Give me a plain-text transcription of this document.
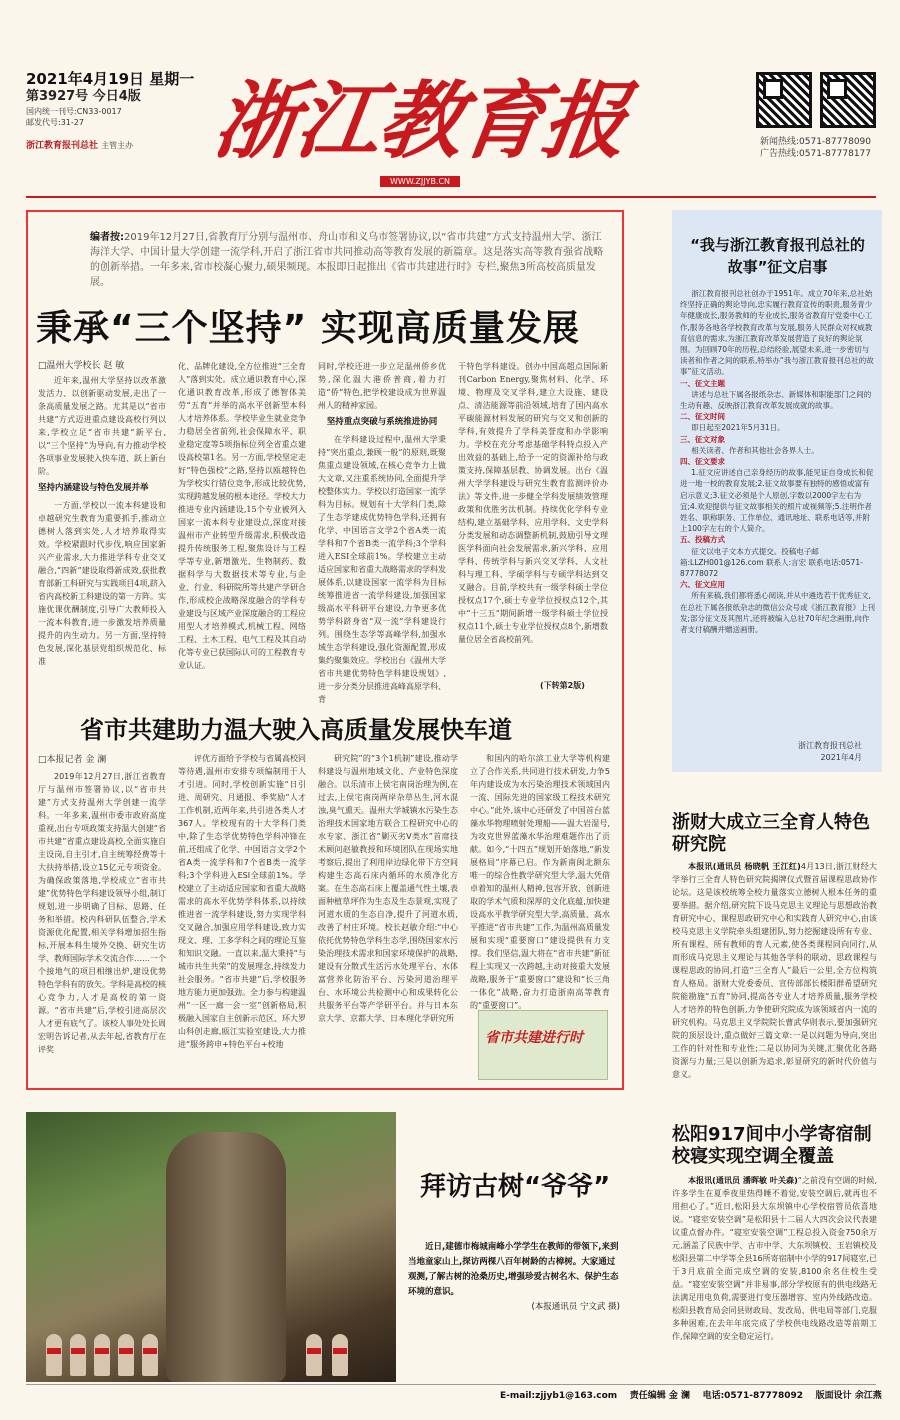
2021年4月19日 星期一
第3927号 今日4版
国内统一刊号:CN33-0017
邮发代号:31-27
浙江教育报刊总社 主管主办 浙江教育报
WWW.ZJJYB.CN
新闻热线:0571-87778090
广告热线:0571-87778177
编者按:2019年12月27日,省教育厅分别与温州市、舟山市和义乌市签署协议,以“省市共建”方式支持温州大学、浙江海洋大学、中国计量大学创建一流学科,开启了浙江省市共同推动高等教育发展的新篇章。这是落实高等教育强省战略的创新举措。一年多来,省市校凝心聚力,硕果频现。本报即日起推出《省市共建进行时》专栏,聚焦3所高校高质量发展。
秉承“三个坚持” 实现高质量发展
□温州大学校长 赵 敏
近年来,温州大学坚持以改革激发活力、以创新驱动发展,走出了一条高质量发展之路。尤其是以“省市共建”方式迈进重点建设高校行列以来,学校立足“省市共建”新平台,以“三个坚持”为导向,有力推动学校各项事业发展驶入快车道、跃上新台阶。
坚持内涵建设与特色发展并举
一方面,学校以一流本科建设和卓越研究生教育为重要抓手,推动立德树人落到实处,人才培养取得实效。学校紧跟时代步伐,响应国家新兴产业需求,大力推进学科专业交叉融合,“四新”建设取得新成效,获批教育部新工科研究与实践项目4项,跻入省内高校新工科建设的第一方阵。实施优课优酬制度,引导广大教师投入一流本科教育,进一步激发培养质量提升的内生动力。另一方面,坚持特色发展,深化基层党组织规范化、标准
化、品牌化建设,全方位推进“三全育人”落到实处。成立通识教育中心,深化通识教育改革,形成了德智体美劳“五育”并举的高水平创新型本科人才培养体系。学校毕业生就业竞争力稳居全省前列,社会保障水平、职业稳定度等5项指标位列全省重点建设高校第1名。另一方面,学校坚定走好“特色强校”之路,坚持以瓯越特色为学校实行错位竞争,形成比较优势,实现跨越发展的根本途径。学校大力推进专业内涵建设,15个专业被列入国家一流本科专业建设点,深度对接温州市产业转型升级需求,积极改造提升传统服务工程,聚焦设计与工程学等专业,新增激光、生物制药、数据科学与大数据技术等专业,与企业、行业、科研院所等共建产学研合作,形成校企战略深度融合的学科专业建设与区域产业深度融合的工程应用型人才培养模式,机械工程、网络工程、土木工程、电气工程及其自动化等专业已获国际认可的工程教育专业认证。
同时,学校还进一步立足温州侨乡优势,深化温大港侨普商,着力打造“侨”特色,把学校建设成为世界温州人的精神家园。
坚持重点突破与系统推进协同
在学科建设过程中,温州大学秉持“突出重点,兼顾一般”的原则,既聚焦重点建设领域,在核心竞争力上做大文章,又注重系统协同,全面提升学校整体实力。学校以打造国家一流学科为目标。规划有十大学科门类,除了生态学建成优势特色学科,还拥有化学、中国语言文学2个省A类一流学科和7个省B类一流学科;3个学科进入ESI全球前1%。学校建立主动适应国家和省重大战略需求的学科发展体系,以建设国家一流学科为目标统筹推进省一流学科建设,加强国家级高水平科研平台建设,力争更多优势学科跻身省“双一流”学科建设行列。围绕生态学等高峰学科,加强水域生态学科建设,强化资源配置,形成集约聚集效应。学校出台《温州大学省市共建优势特色学科建设规划》,进一步分类分层推进高峰高原学科、背
干特色学科建设。创办中国高超点国际新刊Carbon Energy,聚焦材料、化学、环境、物理及交叉学科,建立大设施、建设点、清洁能源等前沿领域,培育了国内高水平碳能源材料发展的研究与交叉和创新的学科,有效提升了学科美誉度和办学影响力。学校在充分考虑基础学科特点投入产出效益的基础上,给予一定的资源补给与政策支持,保障基层教、协调发展。出台《温州大学学科建设与研究生教育监测评价办法》等文件,进一步健全学科发展绩效管理政策和优胜劣汰机制。持续优化学科专业结构,建立基础学科、应用学科、文史学科分类发展和动态调整新机制,鼓励引导文理医学科面向社会发展需求,新兴学科、应用学科、传统学科与新兴交叉学科、人文社科与理工科、学硕学科与专硕学科达到交叉融合。目前,学校共有一级学科硕士学位授权点17个,硕士专业学位授权点12个,其中“十三五”期间新增一级学科硕士学位授权点11个,硕士专业学位授权点8个,新增数量位居全省高校前列。
(下转第2版)
省市共建助力温大驶入高质量发展快车道
□本报记者 金 澜

2019年12月27日,浙江省教育厅与温州市签署协议,以“省市共建”方式支持温州大学创建一流学科。一年多来,温州市委市政府高度重视,出台专项政策支持温大创建“省市共建”省重点建设高校,全面实施自主设岗,自主引才,自主统筹经费等十大扶持举措,设立15亿元专项资金。为确保政策落地,学校成立“省市共建”优势特色学科建设领导小组,制订规划,进一步明确了目标、思路、任务和举措。校内科研队伍整合,学术资源优化配置,相关学科增加招生指标,开展本科生境外交换、研究生访学、教师国际学术交流合作……一个个接地气的项目相继出炉,建设优势特色学科有的放矢。学科是高校的核心竞争力,人才是高校的第一资源。“省市共建”后,学校引进高层次人才更有底气了。该校人事处处长周宏明告诉记者,从去年起,省教育厅在评奖

评优方面给予学校与省属高校同等待遇,温州市安排专项编制用于人才引进。同时,学校创新实施“日引进、周研究、月通报、季奖励”人才工作机制,近两年来,共引进各类人才367人。学校现有的十大学科门类中,除了生态学优势特色学科冲锋在前,还组成了化学、中国语言文学2个省A类一流学科和7个省B类一流学科;3个学科进入ESI全球前1%。学校建立了主动适应国家和省重大战略需求的高水平优势学科体系,以持续推进省一流学科建设,努力实现学科交叉融合,加强应用学科建设,致力实现文、理、工多学科之间的理论互鉴和知识交融。一直以来,温大秉持“与城市共生共荣”的发展理念,持续发力社会服务。“省市共建”后,学校服务地方能力更加强劲。全力参与构建温州“一区一廊一会一室”创新格局,积极融入国家自主创新示范区、环大罗山科创走廊,瓯江实验室建设,大力推进“服务跨申+特色平台+校地

研究院”的“3个1机制”建设,推动学科建设与温州地域文化、产业特色深度融合。以乐清市上侯宅南岗治理为例,在过去,上侯宅南岗两岸杂草丛生,河水混浊,臭气熏天。温州大学城镇水污染生态治理技术国家地方联合工程研究中心的水专家、浙江省“剿灭劣Ⅴ类水”首席技术顾问赵敏教授和环境团队在现场实地考察后,提出了利用岸边绿化带下方空间构建生态高石床内循环的水质净化方案。在生态高石床上覆盖通气性土壤,表面种植草坪作为生态及生态景观,实现了河道水质的生态自净,提升了河道水质,改善了村庄环境。校长赵敏介绍:“中心依托优势特色学科生态学,围绕国家水污染治理技术需求和国家环境保护的战略,建设有分散式生活污水处理平台、水体富营养化防治平台、污染河道治理平台、水环境公共检测中心和成果转化公共服务平台等产学研平台。并与日本东京大学、京都大学、日本理化学研究所

和国内的哈尔滨工业大学等机构建立了合作关系,共同进行技术研发,力争5年内建设成为水污染治理技术领域国内一流、国际先进的国家级工程技术研究中心。”此外,该中心还研发了中国首台蓝藻水华物理喷射处理船——温大岩湿号,为攻克世界蓝藻水华治理难题作出了贡献。如今,“十四五”规划开始落地,“新发展格局”序幕已启。作为新南闽北额东唯一的综合性教学研究型大学,温大凭借卓着知的温州人精神,包容开放、创新进取的学术气质和深厚的文化底蕴,加快建设高水平教学研究型大学,高质量、高水平推进“省市共建”工作,为温州高质量发展和实现“重要窗口”建设提供有力支撑。我们坚信,温大将在“省市共建”新征程上实现又一次跨越,主动对接重大发展战略,服务于“重要窗口”建设和“长三角一体化”战略,奋力打造浙南高等教育的“重要窗口”。

省市共建进行时
拜访古树“爷爷”
近日,建德市梅城南峰小学学生在教师的带领下,来到当地童家山上,探访两棵八百年树龄的古樟树。大家通过观测,了解古树的沧桑历史,增强珍爱古树名木、保护生态环境的意识。
(本报通讯员 宁文武 摄)
“我与浙江教育报刊总社的故事”征文启事

浙江教育报刊总社创办于1951年。成立70年来,总社始终坚持正确的舆论导向,忠实履行教育宣传的职责,服务青少年健康成长,服务教师的专业成长,服务省教育厅党委中心工作,服务各地各学校教育改革与发展,服务人民群众对权威教育信息的需求,为浙江教育改革发展营造了良好的舆论氛围。为回顾70年的历程,总结经验,展望未来,进一步密切与读者和作者之间的联系,特举办“我与浙江教育报刊总社的故事”征文活动。

一、征文主题

讲述与总社下属各报纸杂志、新媒体和职能部门之间的生动有趣、反映浙江教育改革发展成就的故事。

二、征文时间

即日起至2021年5月31日。

三、征文对象

相关读者、作者和其他社会各界人士。

四、征文要求

1.征文应讲述自己亲身经历的故事,能见证自身成长和促进一地一校的教育发展;2.征文故事要有独特的感悟或富有启示意义;3.征文必须是个人原创,字数以2000字左右为宜;4.欢迎提供与征文故事相关的照片或视频等;5.注明作者姓名、职称职务、工作单位、通讯地址、联系电话等,并附上100字左右的个人简介。

五、投稿方式

征文以电子文本方式提交。投稿电子邮箱:LLZH001@126.com 联系人:言宏 联系电话:0571-87778072

六、征文应用

所有来稿,我们都将悉心阅读,并从中遴选若干优秀征文,在总社下属各报纸杂志的微信公众号或《浙江教育报》上刊发;部分征文及其图片,还将被编入总社70年纪念画册,向作者支付稿酬并赠送画册。

浙江教育报刊总社
2021年4月
浙财大成立三全育人特色研究院

本报讯(通讯员 杨晓帆 王江红)4月13日,浙江财经大学举行三全育人特色研究院揭牌仪式暨首届课程思政协作论坛。这是该校统筹全校力量落实立德树人根本任务的重要举措。据介绍,研究院下设马克思主义理论与思想政治教育研究中心、课程思政研究中心和实践育人研究中心,由该校马克思主义学院牵头组建团队,努力挖掘建设所有专业、所有课程、所有教师的育人元素,使各类课程同向同行,从而形成马克思主义理论与其他各学科的联动、思政课程与课程思政的协同,打造“三全育人”最后一公里,全方位构筑育人格局。浙财大党委委员、宣传部部长楼阳群希望研究院能勘施“五育”协同,提高各专业人才培养质量,服务学校人才培养的特色创新,力争使研究院成为该领域省内一流的研究机构。马克思主义学院院长曹武华则表示,要加强研究院的顶层设计,重点做好三篇文章:一是以问题为导向,突出工作的针对性和专业性;二是以协同为关键,汇聚优化各路资源与力量;三是以创新为追求,彰显研究的新时代价值与意义。

松阳917间中小学寄宿制校寝实现空调全覆盖

本报讯(通讯员 潘晖敏 叶关森)“之前没有空调的时候,许多学生在夏季夜里热得睡不着觉,安装空调后,就再也不用担心了。”近日,松阳县大东坝镇中心学校宿管员依喜地说。“寝室安装空调”是松阳县十二届人大四次会议代表建议重点督办件。“寝室安装空调”工程总投入资金750余万元,涵盖了民族中学、古市中学、大东坝镇校、玉岩镇校及松阳县第二中学等全县16所寄宿制中小学的917间寝室,已于3月底前全面完成空调的安装,8100余名住校生受益。“寝室安装空调”并非易事,部分学校原有的供电线路无法满足用电负荷,需要进行变压器增容、室内外线路改造。松阳县教育局会同县财政局、发改局、供电局等部门,克服多种困难,在去年年底完成了学校供电线路改造等前期工作,保障空调的安全稳定运行。

E-mail:zjjyb1@163.com 责任编辑 金 澜 电话:0571-87778092 版面设计 余江燕
